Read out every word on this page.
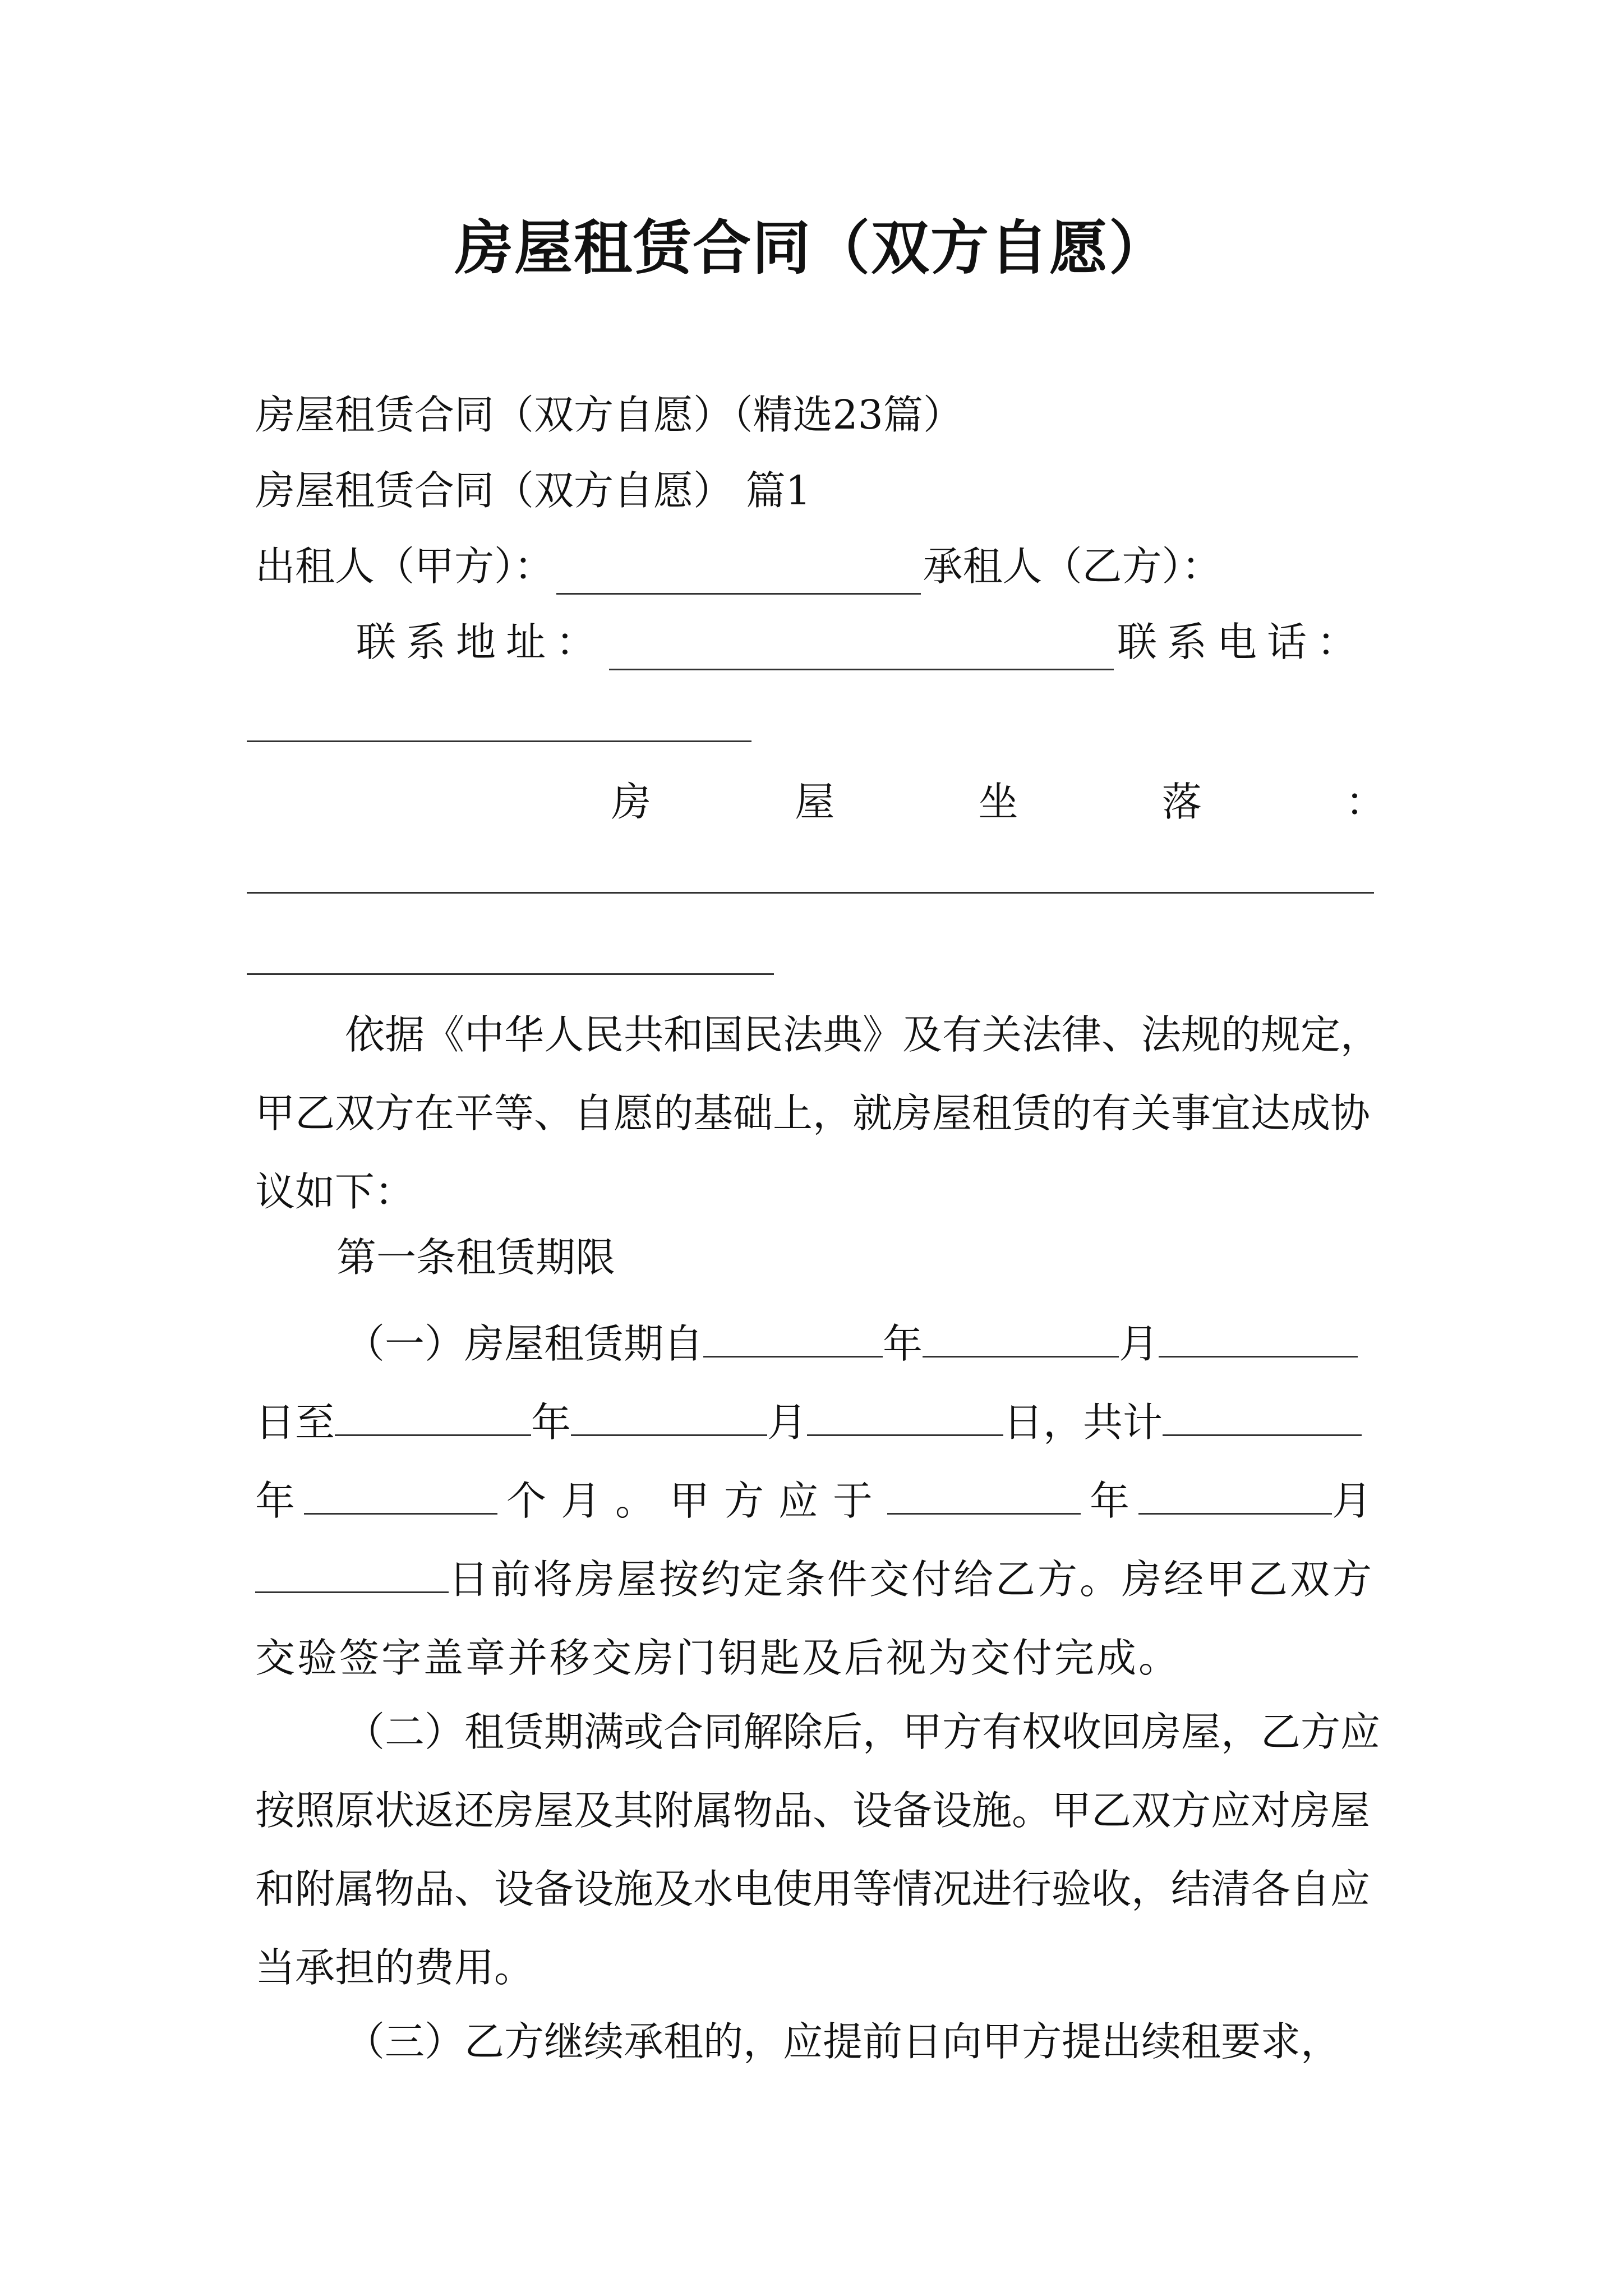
房屋租赁合同（双方自愿）
房屋租赁合同（双方自愿）（精选23篇）
房屋租赁合同（双方自愿） 篇1
出租人（甲方）：	承租人（乙方）：
联系地址：	联系电话：
房	屋	坐	落	：
依据《中华人民共和国民法典》及有关法律、法规的规定，甲乙双方在平等、自愿的基础上，就房屋租赁的有关事宜达成协议如下：
第一条租赁期限
（一）房屋租赁期自	年	月日至	年	月	日，共计年	个月。甲方应于	年	月日前将房屋按约定条件交付给乙方。房经甲乙双方交验签字盖章并移交房门钥匙及后视为交付完成。
（二）租赁期满或合同解除后，甲方有权收回房屋，乙方应按照原状返还房屋及其附属物品、设备设施。甲乙双方应对房屋和附属物品、设备设施及水电使用等情况进行验收，结清各自应当承担的费用。
（三）乙方继续承租的，应提前日向甲方提出续租要求，
